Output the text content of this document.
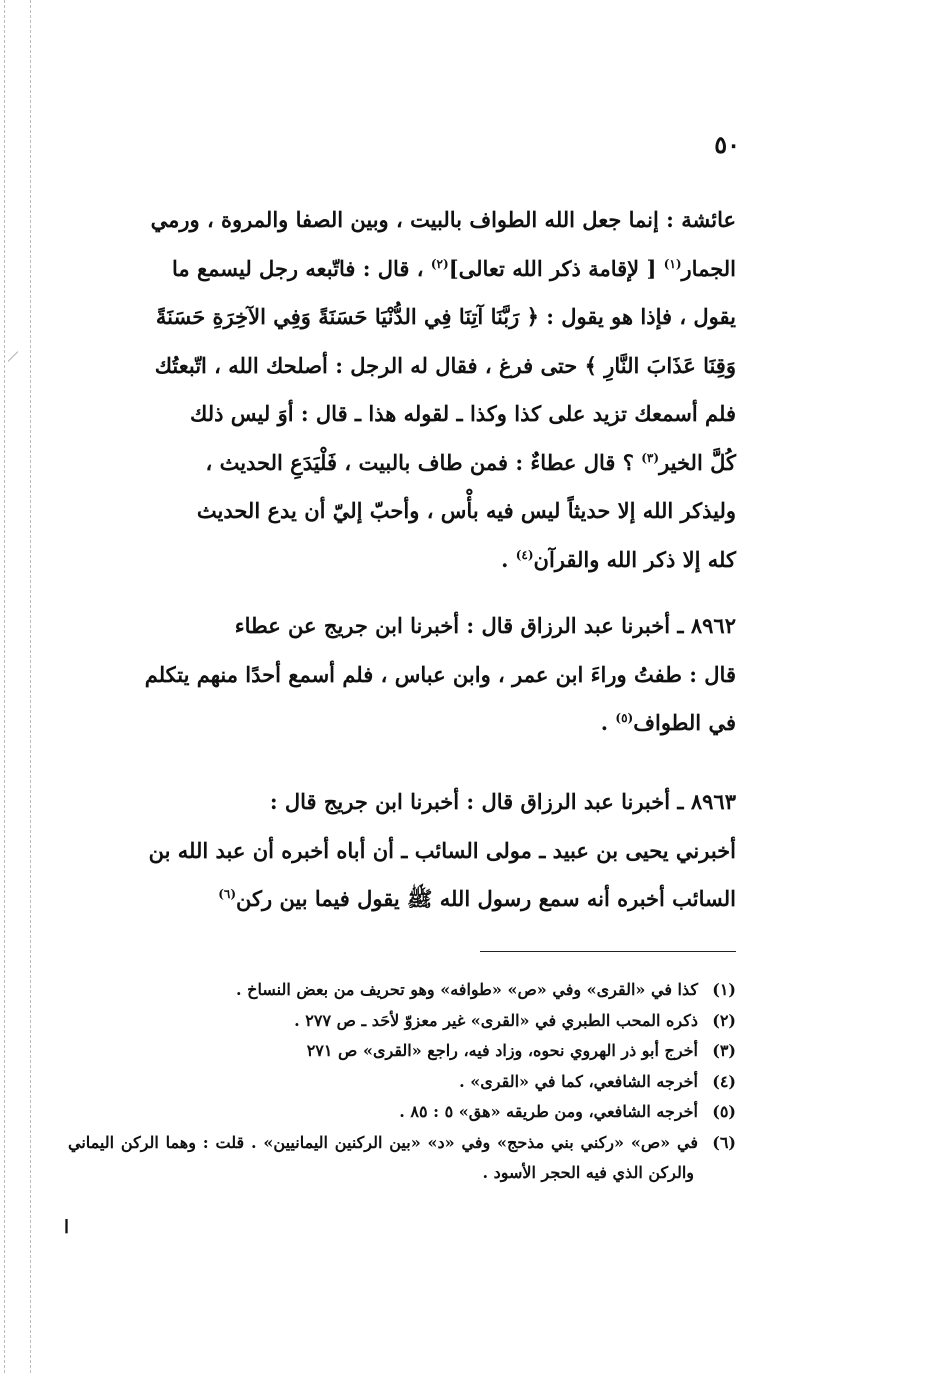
٥٠

عائشة : إنما جعل الله الطواف بالبيت ، وبين الصفا والمروة ، ورمي
الجمار$^{(١)}$ [ لإقامة ذكر الله تعالى]$^{(٢)}$ ، قال : فاتّبعه رجل ليسمع ما
يقول ، فإذا هو يقول : ﴿ رَبَّنَا آتِنَا فِي الدُّنْيَا حَسَنَةً وَفِي الآخِرَةِ حَسَنَةً
وَقِنَا عَذَابَ النَّارِ ﴾ حتى فرغ ، فقال له الرجل : أصلحك الله ، اتّبعتُك
فلم أسمعك تزيد على كذا وكذا ـ لقوله هذا ـ قال : أوَ ليس ذلك
كُلَّ الخير$^{(٣)}$ ؟ قال عطاءٌ : فمن طاف بالبيت ، فَلْيَدَعِ الحديث ،
وليذكر الله إلا حديثاً ليس فيه بأْس ، وأحبّ إليّ أن يدع الحديث
كله إلا ذكر الله والقرآن$^{(٤)}$ .

٨٩٦٢ ـ أخبرنا عبد الرزاق قال : أخبرنا ابن جريج عن عطاء
قال : طفتُ وراءَ ابن عمر ، وابن عباس ، فلم أسمع أحدًا منهم يتكلم
في الطواف$^{(٥)}$ .

٨٩٦٣ ـ أخبرنا عبد الرزاق قال : أخبرنا ابن جريج قال :
أخبرني يحيى بن عبيد ـ مولى السائب ـ أن أباه أخبره أن عبد الله بن
السائب أخبره أنه سمع رسول الله ﷺ يقول فيما بين ركن$^{(٦)}$

(١)كذا في «القرى» وفي «ص» «طوافه» وهو تحريف من بعض النساخ .
(٢)ذكره المحب الطبري في «القرى» غير معزوّ لأحَد ـ ص ٢٧٧ .
(٣)أخرج أبو ذر الهروي نحوه، وزاد فيه، راجع «القرى» ص ٢٧١
(٤)أخرجه الشافعي، كما في «القرى» .
(٥)أخرجه الشافعي، ومن طريقه «هق» ٥ : ٨٥ .
(٦)في «ص» «ركني بني مذحج» وفي «د» «بين الركنين اليمانيين» . قلت : وهما الركن اليماني والركن الذي فيه الحجر الأسود .
ا
